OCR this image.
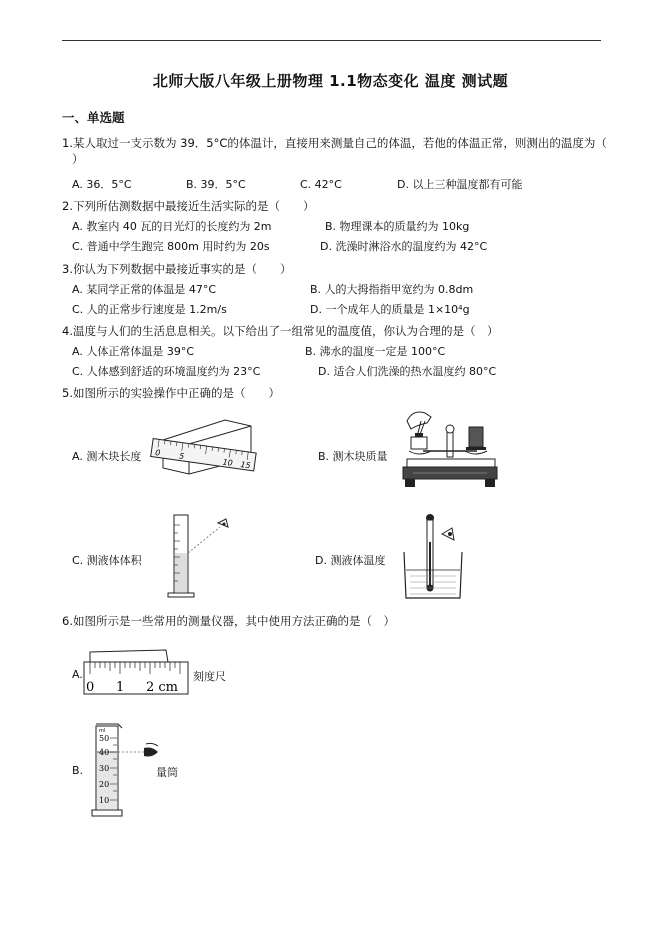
北师大版八年级上册物理 1.1物态变化 温度 测试题
一、单选题
1.某人取过一支示数为 39．5°C的体温计，直接用来测量自己的体温，若他的体温正常，则测出的温度为（
）
A. 36．5°C	B. 39．5°C	C. 42°C	D. 以上三种温度都有可能
2.下列所估测数据中最接近生活实际的是（　　）
A. 教室内 40 瓦的日光灯的长度约为 2m	B. 物理课本的质量约为 10kg
C. 普通中学生跑完 800m 用时约为 20s	D. 洗澡时淋浴水的温度约为 42°C
3.你认为下列数据中最接近事实的是（　　）
A. 某同学正常的体温是 47°C	B. 人的大拇指指甲宽约为 0.8dm
C. 人的正常步行速度是 1.2m/s	D. 一个成年人的质量是 1×10⁴g
4.温度与人们的生活息息相关。以下给出了一组常见的温度值，你认为合理的是（　）
A. 人体正常体温是 39°C	B. 沸水的温度一定是 100°C
C. 人体感到舒适的环境温度约为 23°C	D. 适合人们洗澡的热水温度约 80°C
5.如图所示的实验操作中正确的是（　　）
A. 测木块长度 0 5
10 15
B. 测木块质量
C. 测液体体积	D. 测液体温度
6.如图所示是一些常用的测量仪器，其中使用方法正确的是（　）
A.
0 1 2 cm
刻度尺
B.
ml
50
40
30
20
10
量筒
